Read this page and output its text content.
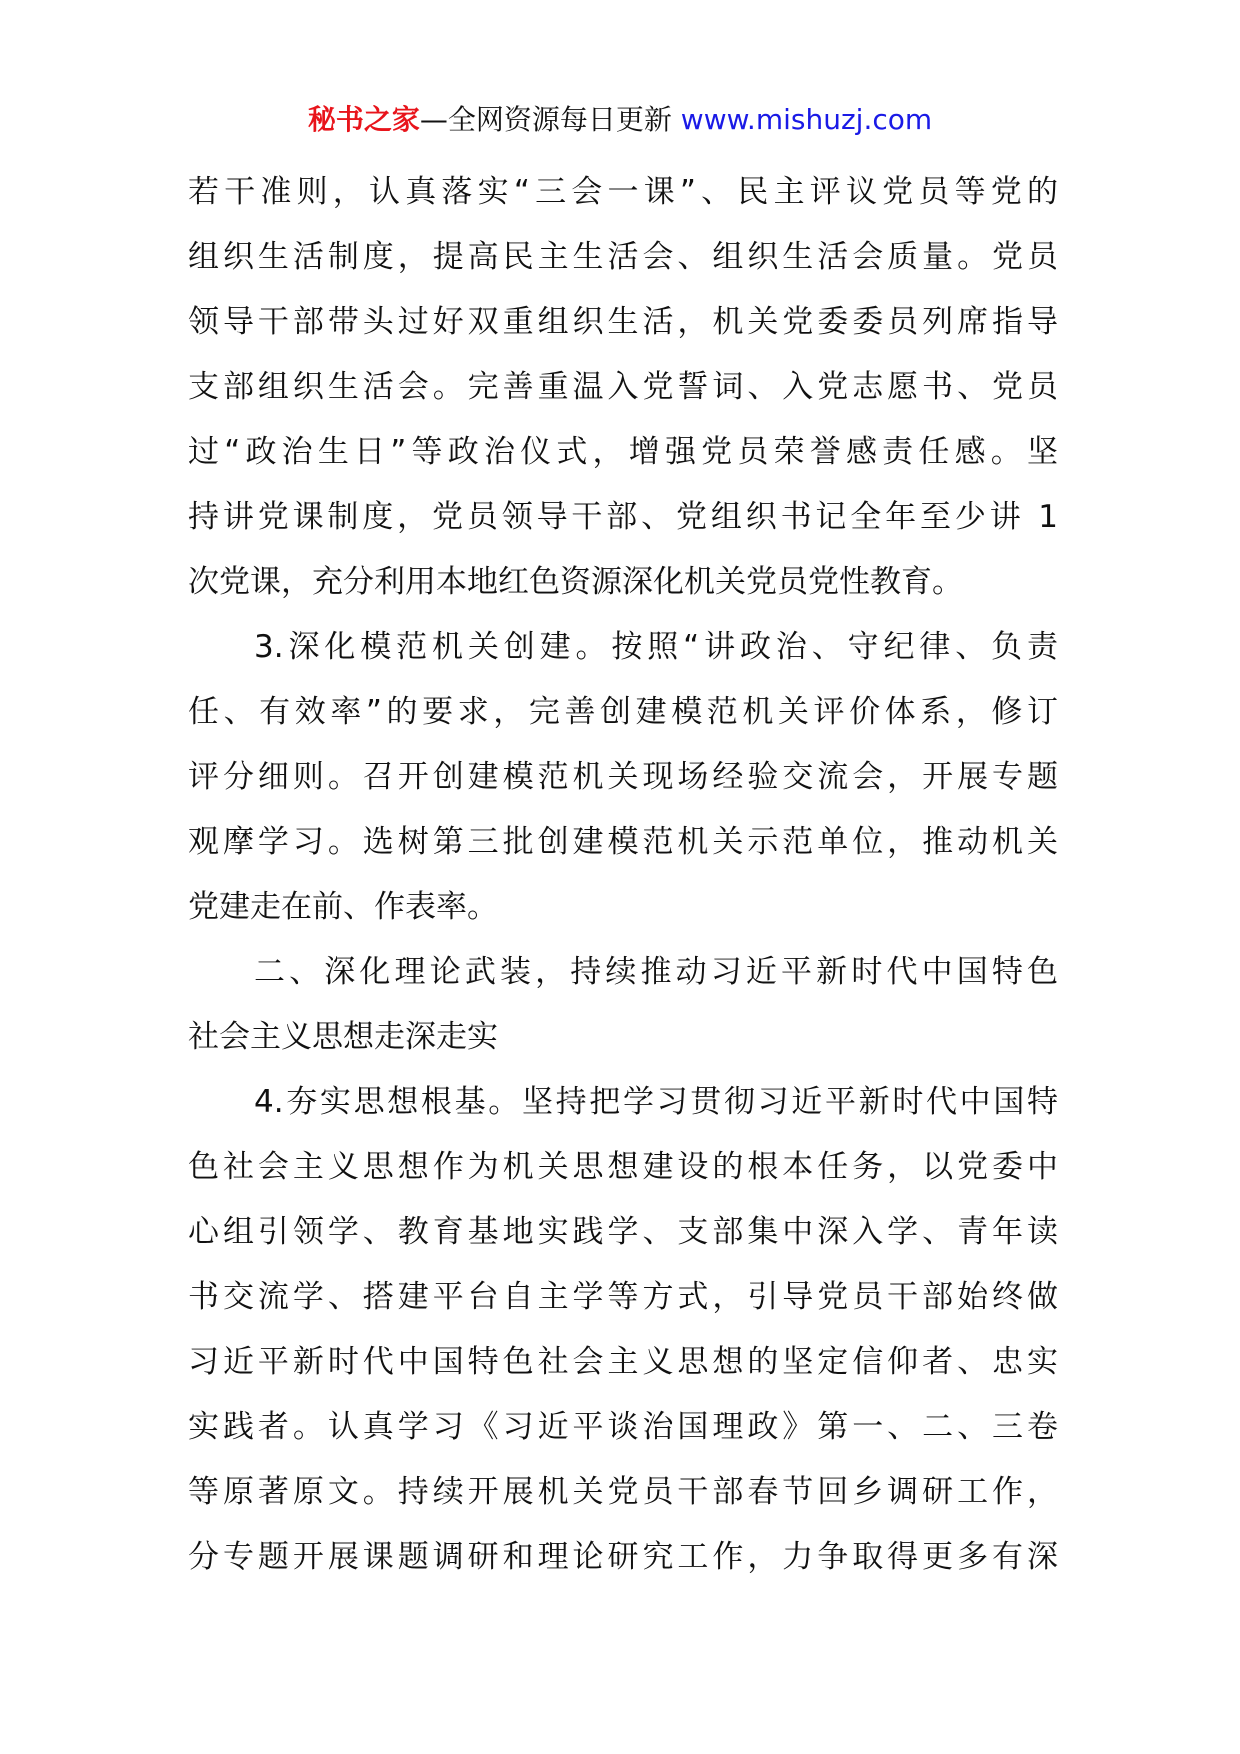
秘书之家—全网资源每日更新 www.mishuzj.com
若干准则，认真落实“三会一课”、民主评议党员等党的
组织生活制度，提高民主生活会、组织生活会质量。党员
领导干部带头过好双重组织生活，机关党委委员列席指导
支部组织生活会。完善重温入党誓词、入党志愿书、党员
过“政治生日”等政治仪式，增强党员荣誉感责任感。坚
持讲党课制度，党员领导干部、党组织书记全年至少讲 1
次党课，充分利用本地红色资源深化机关党员党性教育。
3.深化模范机关创建。按照“讲政治、守纪律、负责
任、有效率”的要求，完善创建模范机关评价体系，修订
评分细则。召开创建模范机关现场经验交流会，开展专题
观摩学习。选树第三批创建模范机关示范单位，推动机关
党建走在前、作表率。
二、深化理论武装，持续推动习近平新时代中国特色
社会主义思想走深走实
4.夯实思想根基。坚持把学习贯彻习近平新时代中国特
色社会主义思想作为机关思想建设的根本任务，以党委中
心组引领学、教育基地实践学、支部集中深入学、青年读
书交流学、搭建平台自主学等方式，引导党员干部始终做
习近平新时代中国特色社会主义思想的坚定信仰者、忠实
实践者。认真学习《习近平谈治国理政》第一、二、三卷
等原著原文。持续开展机关党员干部春节回乡调研工作，
分专题开展课题调研和理论研究工作，力争取得更多有深
